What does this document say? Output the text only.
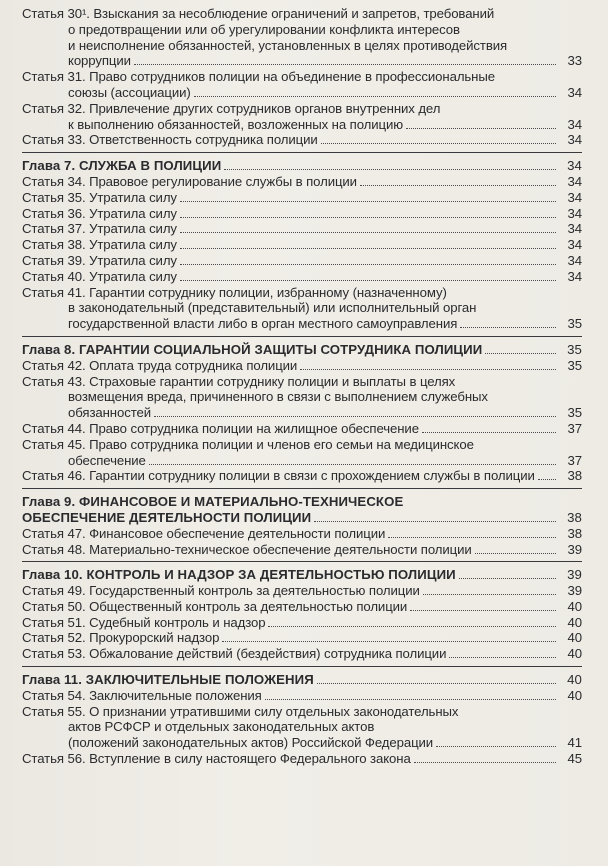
Статья 30¹. Взыскания за несоблюдение ограничений и запретов, требований
о предотвращении или об урегулировании конфликта интересов
и неисполнение обязанностей, установленных в целях противодействия
коррупции	33
Статья 31. Право сотрудников полиции на объединение в профессиональные
союзы (ассоциации)	34
Статья 32. Привлечение других сотрудников органов внутренних дел
к выполнению обязанностей, возложенных на полицию	34
Статья 33. Ответственность сотрудника полиции	34
Глава 7. СЛУЖБА В ПОЛИЦИИ	34
Статья 34. Правовое регулирование службы в полиции	34
Статья 35. Утратила силу	34
Статья 36. Утратила силу	34
Статья 37. Утратила силу	34
Статья 38. Утратила силу	34
Статья 39. Утратила силу	34
Статья 40. Утратила силу	34
Статья 41. Гарантии сотруднику полиции, избранному (назначенному)
в законодательный (представительный) или исполнительный орган
государственной власти либо в орган местного самоуправления	35
Глава 8. ГАРАНТИИ СОЦИАЛЬНОЙ ЗАЩИТЫ СОТРУДНИКА ПОЛИЦИИ	35
Статья 42. Оплата труда сотрудника полиции	35
Статья 43. Страховые гарантии сотруднику полиции и выплаты в целях
возмещения вреда, причиненного в связи с выполнением служебных
обязанностей	35
Статья 44. Право сотрудника полиции на жилищное обеспечение	37
Статья 45. Право сотрудника полиции и членов его семьи на медицинское
обеспечение	37
Статья 46. Гарантии сотруднику полиции в связи с прохождением службы в полиции	38
Глава 9. ФИНАНСОВОЕ И МАТЕРИАЛЬНО-ТЕХНИЧЕСКОЕ
ОБЕСПЕЧЕНИЕ ДЕЯТЕЛЬНОСТИ ПОЛИЦИИ	38
Статья 47. Финансовое обеспечение деятельности полиции	38
Статья 48. Материально-техническое обеспечение деятельности полиции	39
Глава 10. КОНТРОЛЬ И НАДЗОР ЗА ДЕЯТЕЛЬНОСТЬЮ ПОЛИЦИИ	39
Статья 49. Государственный контроль за деятельностью полиции	39
Статья 50. Общественный контроль за деятельностью полиции	40
Статья 51. Судебный контроль и надзор	40
Статья 52. Прокурорский надзор	40
Статья 53. Обжалование действий (бездействия) сотрудника полиции	40
Глава 11. ЗАКЛЮЧИТЕЛЬНЫЕ ПОЛОЖЕНИЯ	40
Статья 54. Заключительные положения	40
Статья 55. О признании утратившими силу отдельных законодательных
актов РСФСР и отдельных законодательных актов
(положений законодательных актов) Российской Федерации	41
Статья 56. Вступление в силу настоящего Федерального закона	45
